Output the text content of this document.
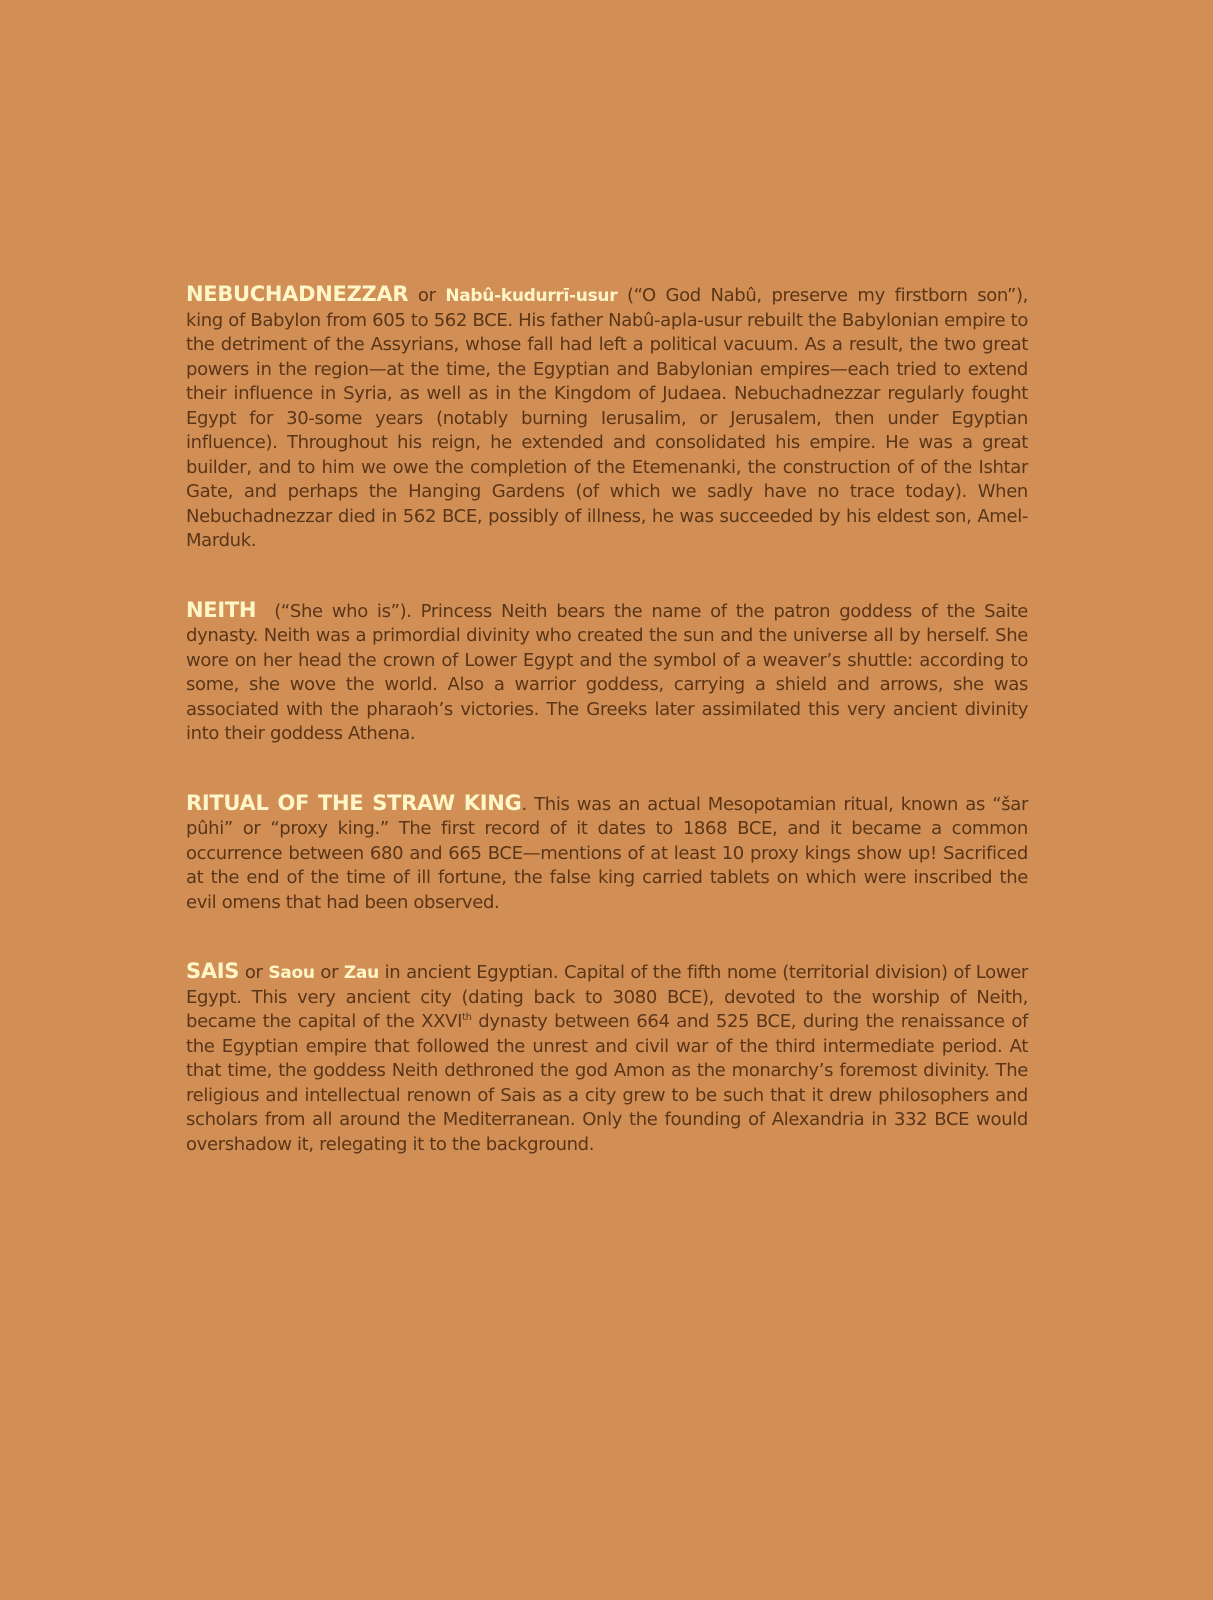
NEBUCHADNEZZAR or Nabû-kudurrī-usur (“O God Nabû, preserve my firstborn son”), king of Babylon from 605 to 562 BCE. His father Nabû-apla-usur rebuilt the Babylonian empire to the detriment of the Assyrians, whose fall had left a political vacuum. As a result, the two great powers in the region—at the time, the Egyptian and Babylonian empires—each tried to extend their influence in Syria, as well as in the Kingdom of Judaea. Nebuchadnezzar regularly fought Egypt for 30-some years (notably burning Ierusalim, or Jerusalem, then under Egyptian influence). Throughout his reign, he extended and consolidated his empire. He was a great builder, and to him we owe the completion of the Etemenanki, the construction of of the Ishtar Gate, and perhaps the Hanging Gardens (of which we sadly have no trace today). When Nebuchadnezzar died in 562 BCE, possibly of illness, he was succeeded by his eldest son, Amel-Marduk.

NEITH  (“She who is”). Princess Neith bears the name of the patron goddess of the Saite dynasty. Neith was a primordial divinity who created the sun and the universe all by herself. She wore on her head the crown of Lower Egypt and the symbol of a weaver’s shuttle: according to some, she wove the world. Also a warrior goddess, carrying a shield and arrows, she was associated with the pharaoh’s victories. The Greeks later assimilated this very ancient divinity into their goddess Athena.

RITUAL OF THE STRAW KING. This was an actual Mesopotamian ritual, known as “šar pûhi” or “proxy king.” The first record of it dates to 1868 BCE, and it became a common occurrence between 680 and 665 BCE—mentions of at least 10 proxy kings show up! Sacrificed at the end of the time of ill fortune, the false king carried tablets on which were inscribed the evil omens that had been observed.

SAIS or Saou or Zau in ancient Egyptian. Capital of the fifth nome (territorial division) of Lower Egypt. This very ancient city (dating back to 3080 BCE), devoted to the worship of Neith, became the capital of the XXVIth dynasty between 664 and 525 BCE, during the renaissance of the Egyptian empire that followed the unrest and civil war of the third intermediate period. At that time, the goddess Neith dethroned the god Amon as the monarchy’s foremost divinity. The religious and intellectual renown of Sais as a city grew to be such that it drew philosophers and scholars from all around the Mediterranean. Only the founding of Alexandria in 332 BCE would overshadow it, relegating it to the background.
